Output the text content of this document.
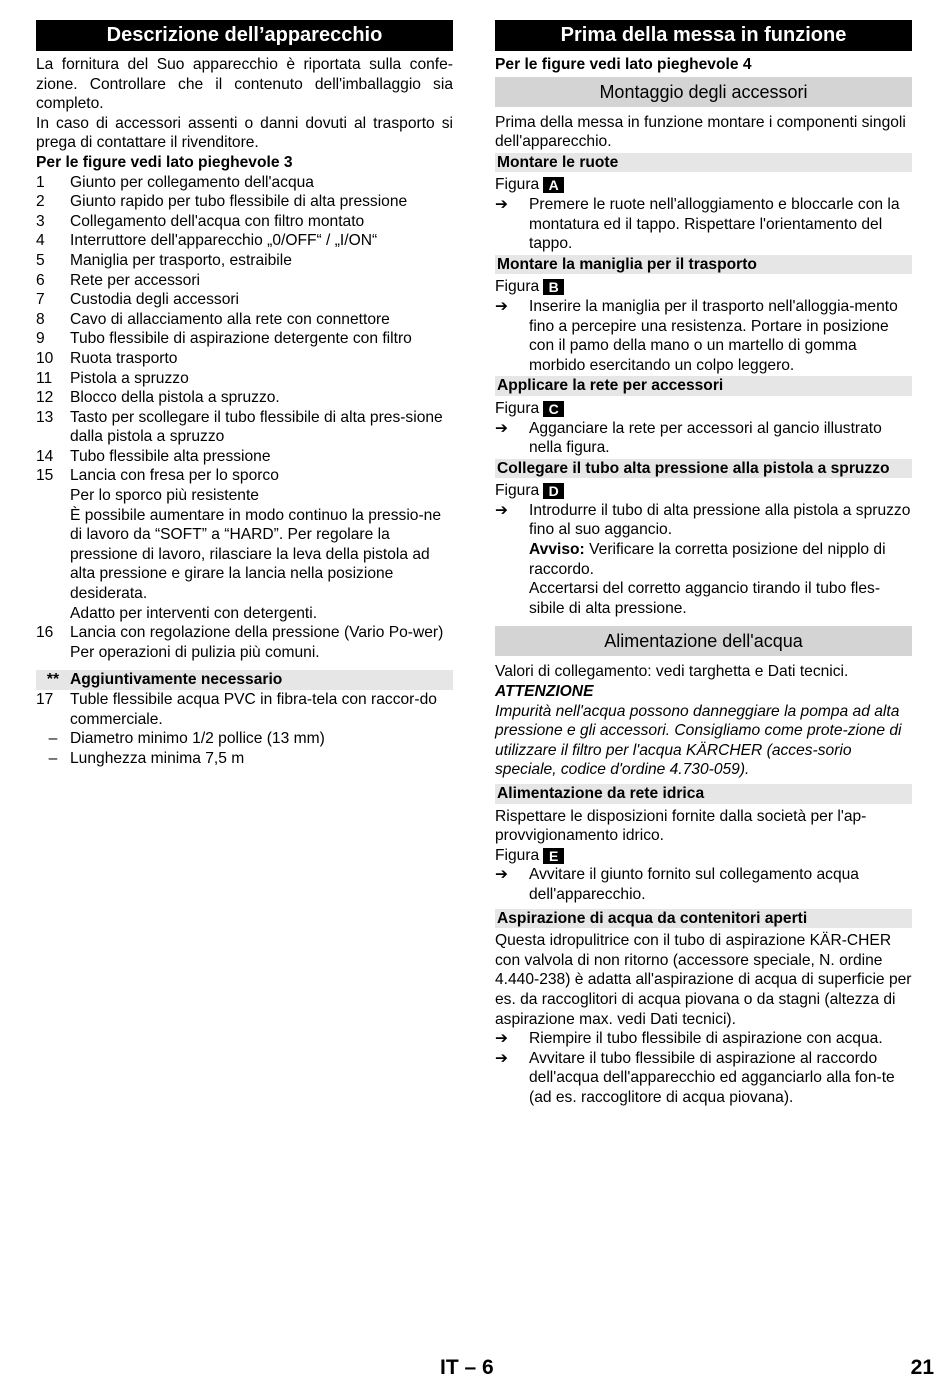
Descrizione dell’apparecchio

La fornitura del Suo apparecchio è riportata sulla confe-zione. Controllare che il contenuto dell'imballaggio sia completo.

In caso di accessori assenti o danni dovuti al trasporto si prega di contattare il rivenditore.

Per le figure vedi lato pieghevole 3

1	Giunto per collegamento dell'acqua
2	Giunto rapido per tubo flessibile di alta pressione
3	Collegamento dell'acqua con filtro montato
4	Interruttore dell'apparecchio „0/OFF“ / „I/ON“
5	Maniglia per trasporto, estraibile
6	Rete per accessori
7	Custodia degli accessori
8	Cavo di allacciamento alla rete con connettore
9	Tubo flessibile di aspirazione detergente con filtro
10	Ruota trasporto
11	Pistola a spruzzo
12	Blocco della pistola a spruzzo.
13	Tasto per scollegare il tubo flessibile di alta pres-sione dalla pistola a spruzzo
14	Tubo flessibile alta pressione
15	Lancia con fresa per lo sporco
Per lo sporco più resistente
È possibile aumentare in modo continuo la pressio-ne di lavoro da “SOFT” a “HARD”. Per regolare la pressione di lavoro, rilasciare la leva della pistola ad alta pressione e girare la lancia nella posizione desiderata.
Adatto per interventi con detergenti.
16	Lancia con regolazione della pressione (Vario Po-wer)
Per operazioni di pulizia più comuni.
** Aggiuntivamente necessario
17	Tuble flessibile acqua PVC in fibra-tela con raccor-do commerciale.
– Diametro minimo 1/2 pollice (13 mm)
– Lunghezza minima 7,5 m
Prima della messa in funzione

Per le figure vedi lato pieghevole 4

Montaggio degli accessori

Prima della messa in funzione montare i componenti singoli dell'apparecchio.

Montare le ruote

Figura A

➔	Premere le ruote nell'alloggiamento e bloccarle con la montatura ed il tappo. Rispettare l'orientamento del tappo.
Montare la maniglia per il trasporto

Figura B

➔	Inserire la maniglia per il trasporto nell'alloggia-mento fino a percepire una resistenza. Portare in posizione con il pamo della mano o un martello di gomma morbido esercitando un colpo leggero.
Applicare la rete per accessori

Figura C

➔	Agganciare la rete per accessori al gancio illustrato nella figura.
Collegare il tubo alta pressione alla pistola a spruzzo

Figura D

➔	Introdurre il tubo di alta pressione alla pistola a spruzzo fino al suo aggancio.

Avviso: Verificare la corretta posizione del nipplo di raccordo.

Accertarsi del corretto aggancio tirando il tubo fles-sibile di alta pressione.

Alimentazione dell'acqua

Valori di collegamento: vedi targhetta e Dati tecnici.

ATTENZIONE

Impurità nell'acqua possono danneggiare la pompa ad alta pressione e gli accessori. Consigliamo come prote-zione di utilizzare il filtro per l'acqua KÄRCHER (acces-sorio speciale, codice d'ordine 4.730-059).

Alimentazione da rete idrica

Rispettare le disposizioni fornite dalla società per l'ap-provvigionamento idrico.

Figura E

➔	Avvitare il giunto fornito sul collegamento acqua dell'apparecchio.
Aspirazione di acqua da contenitori aperti

Questa idropulitrice con il tubo di aspirazione KÄR-CHER con valvola di non ritorno (accessore speciale, N. ordine 4.440-238) è adatta all'aspirazione di acqua di superficie per es. da raccoglitori di acqua piovana o da stagni (altezza di aspirazione max. vedi Dati tecnici).

➔	Riempire il tubo flessibile di aspirazione con acqua.
➔	Avvitare il tubo flessibile di aspirazione al raccordo dell'acqua dell'apparecchio ed agganciarlo alla fon-te (ad es. raccoglitore di acqua piovana).
IT – 6	21
